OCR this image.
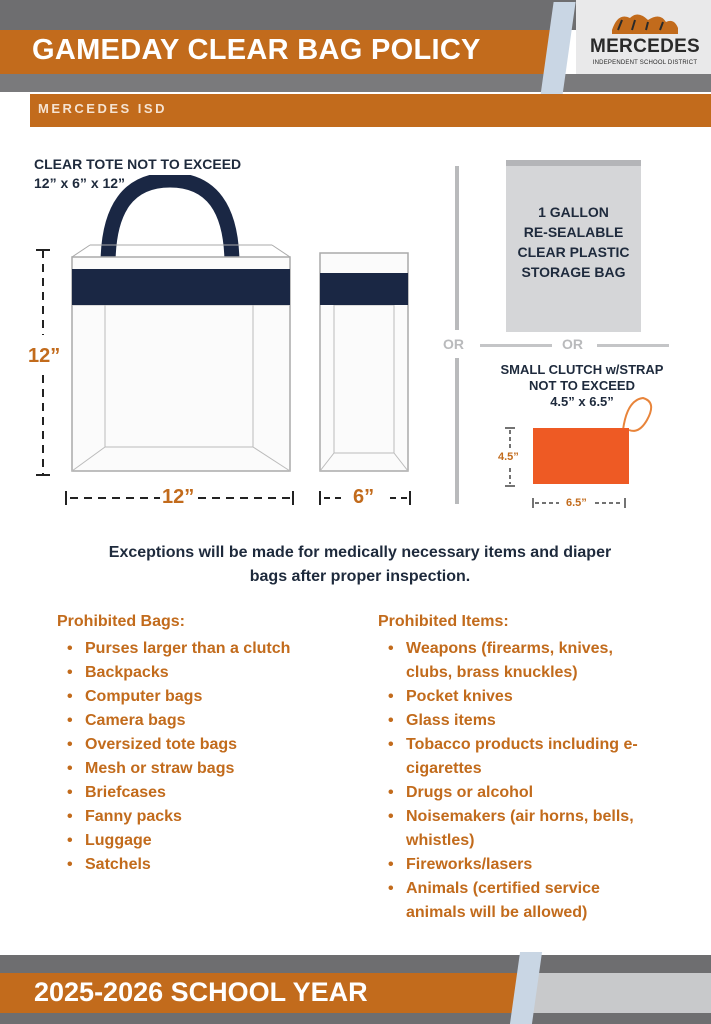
GAMEDAY CLEAR BAG POLICY	MERCEDES
INDEPENDENT SCHOOL DISTRICT
MERCEDES ISD
CLEAR TOTE NOT TO EXCEED
12” x 6” x 12”
12”
12”	6”
OR
1 GALLON
RE-SEALABLE
CLEAR PLASTIC
STORAGE BAG
OR
SMALL CLUTCH w/STRAP
NOT TO EXCEED
4.5” x 6.5”
4.5”
6.5”
Exceptions will be made for medically necessary items and diaper
bags after proper inspection.
Prohibited Bags:
• Purses larger than a clutch
• Backpacks
• Computer bags
• Camera bags
• Oversized tote bags
• Mesh or straw bags
• Briefcases
• Fanny packs
• Luggage
• Satchels
Prohibited Items:
• Weapons (firearms, knives, clubs, brass knuckles)
• Pocket knives
• Glass items
• Tobacco products including e-cigarettes
• Drugs or alcohol
• Noisemakers (air horns, bells, whistles)
• Fireworks/lasers
• Animals (certified service animals will be allowed)
2025-2026 SCHOOL YEAR
